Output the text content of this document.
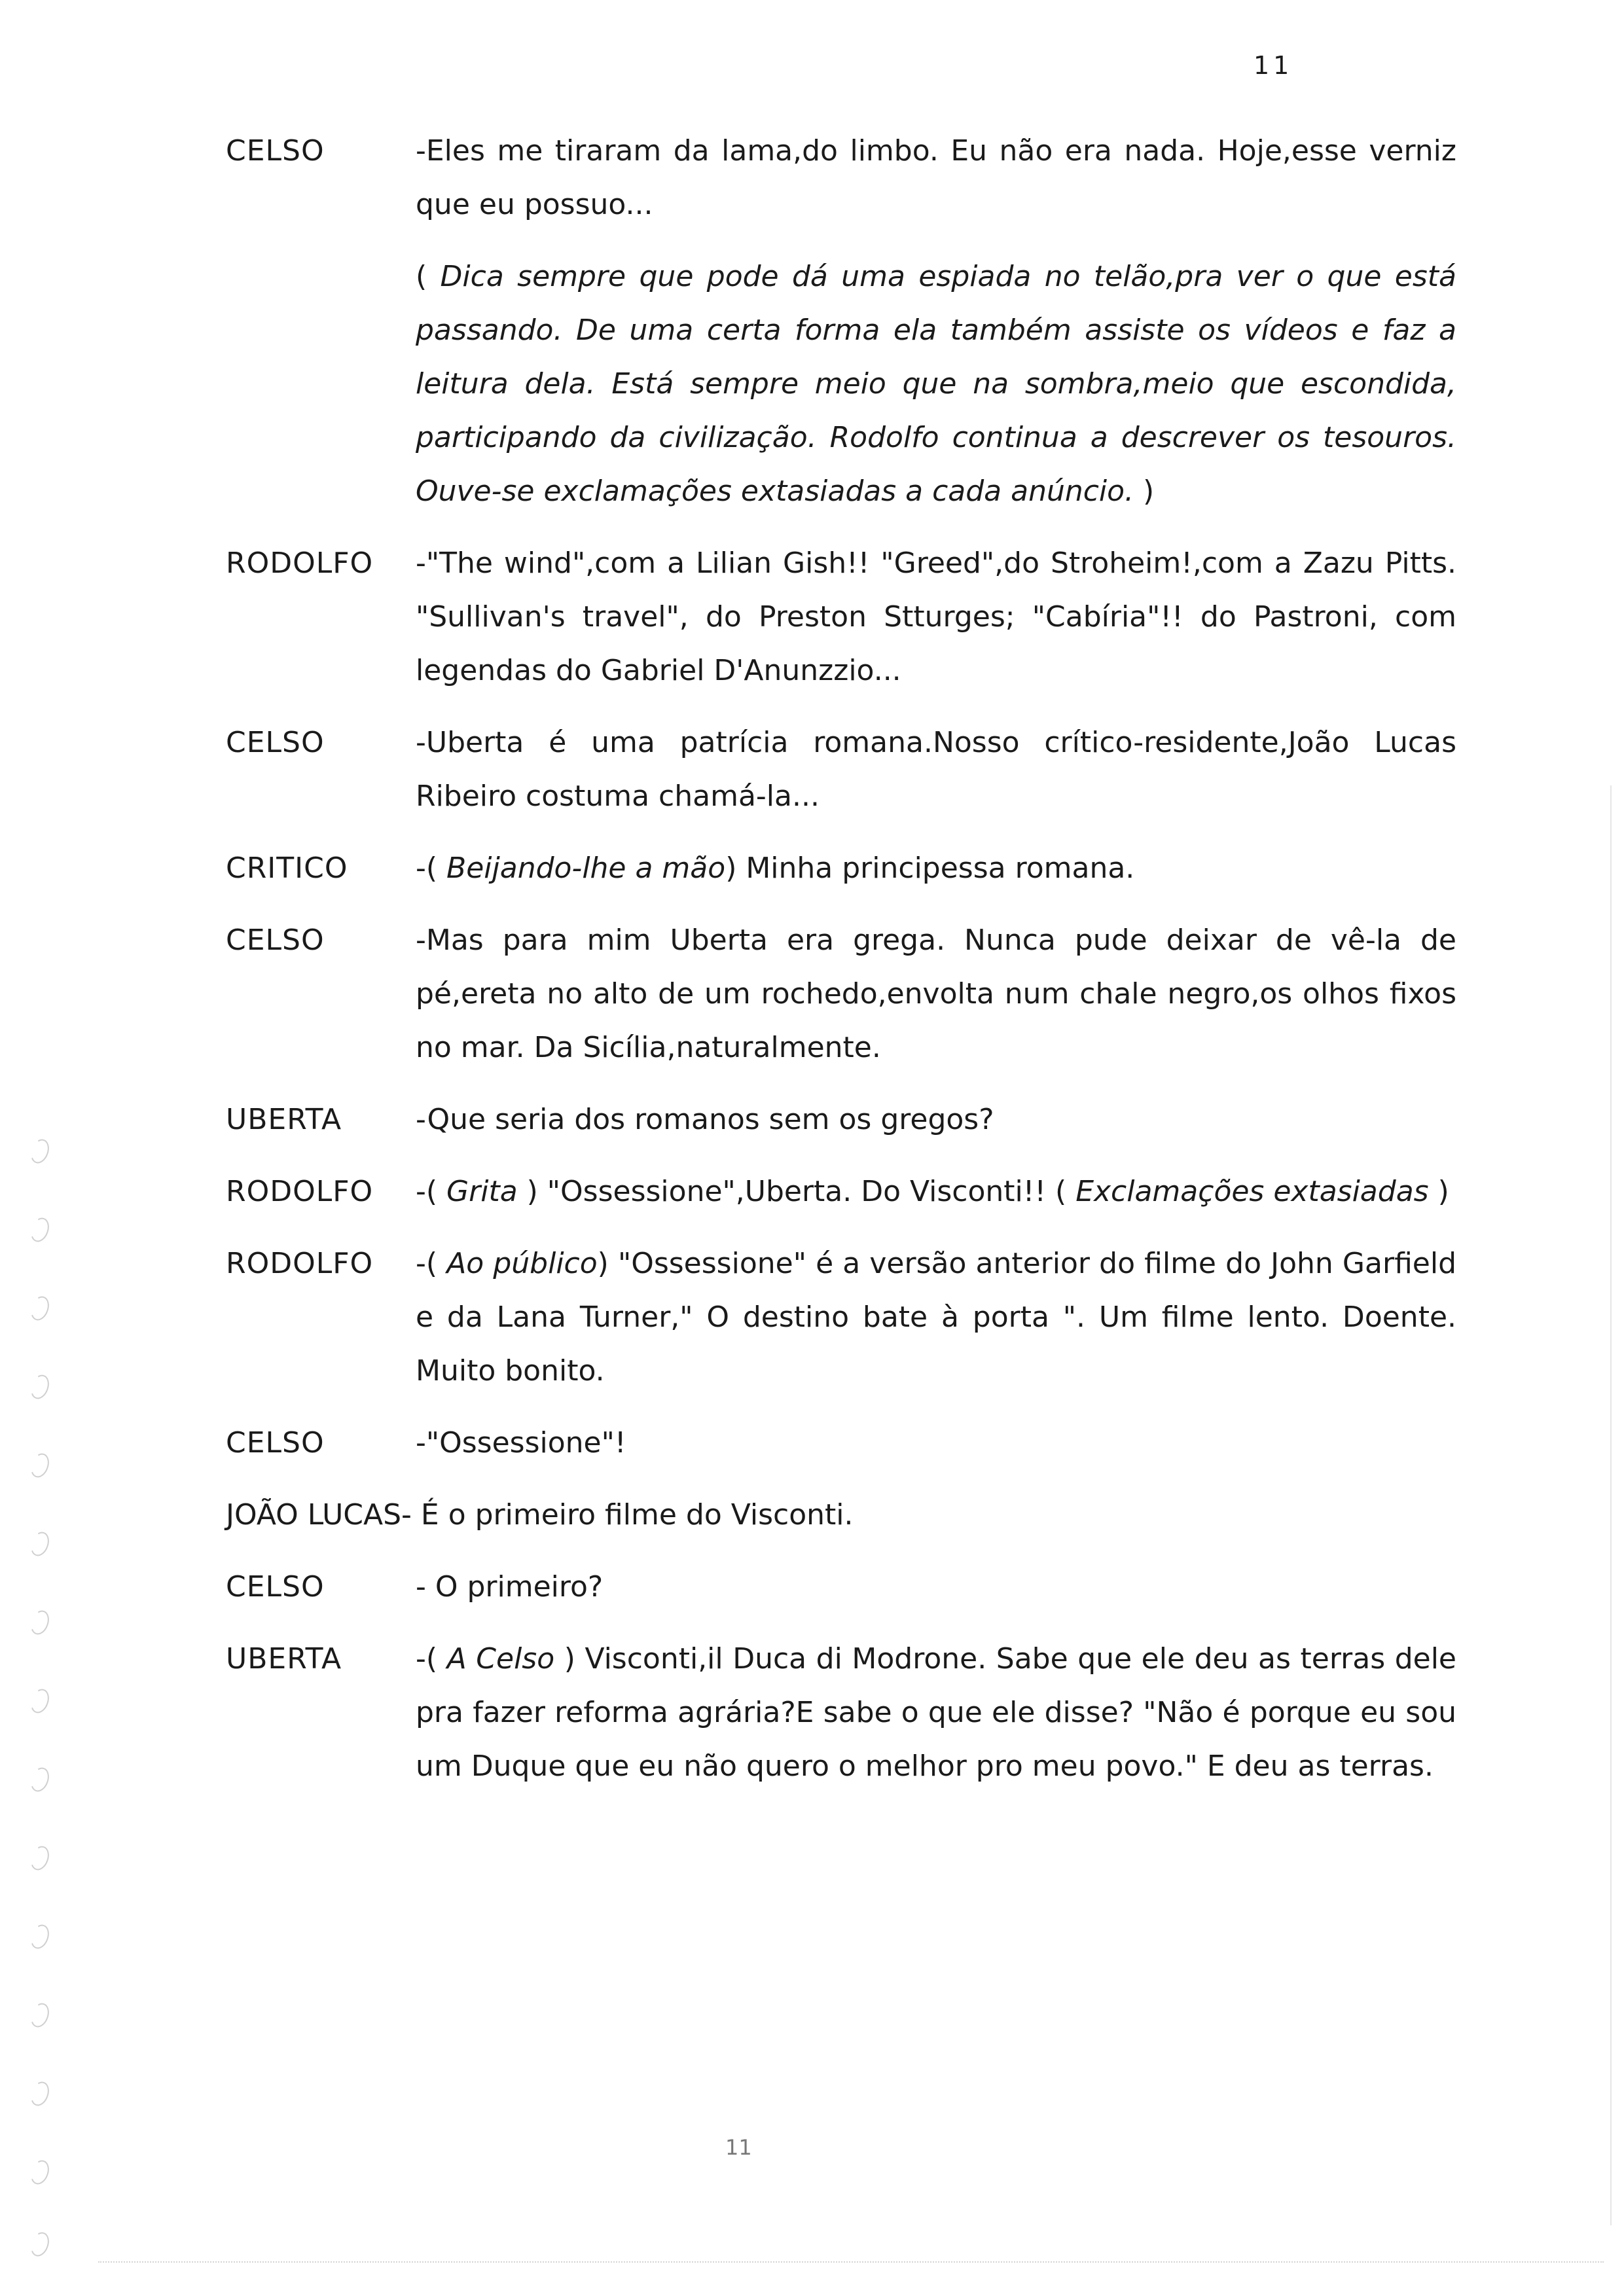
11
CELSO	-Eles me tiraram da lama,do limbo. Eu não era nada. Hoje,esse verniz que eu possuo...
( Dica sempre que pode dá uma espiada no telão,pra ver o que está passando. De uma certa forma ela também assiste os vídeos e faz a leitura dela. Está sempre meio que na sombra,meio que escondida, participando da civilização. Rodolfo continua a descrever os tesouros. Ouve-se exclamações extasiadas a cada anúncio. )
RODOLFO	-"The wind",com a Lilian Gish!! "Greed",do Stroheim!,com a Zazu Pitts. "Sullivan's travel", do Preston Stturges; "Cabíria"!! do Pastroni, com legendas do Gabriel D'Anunzzio...
CELSO	-Uberta é uma patrícia romana.Nosso crítico-residente,João Lucas Ribeiro costuma chamá-la...
CRITICO	-( Beijando-lhe a mão) Minha principessa romana.
CELSO	-Mas para mim Uberta era grega. Nunca pude deixar de vê-la de pé,ereta no alto de um rochedo,envolta num chale negro,os olhos fixos no mar. Da Sicília,naturalmente.
UBERTA	-Que seria dos romanos sem os gregos?
RODOLFO	-( Grita ) "Ossessione",Uberta. Do Visconti!! ( Exclamações extasiadas )
RODOLFO	-( Ao público) "Ossessione" é a versão anterior do filme do John Garfield e da Lana Turner," O destino bate à porta ". Um filme lento. Doente. Muito bonito.
CELSO	-"Ossessione"!
JOÃO LUCAS- É o primeiro filme do Visconti.
CELSO	- O primeiro?
UBERTA	-( A Celso ) Visconti,il Duca di Modrone. Sabe que ele deu as terras dele pra fazer reforma agrária?E sabe o que ele disse? "Não é porque eu sou um Duque que eu não quero o melhor pro meu povo." E deu as terras.
11
